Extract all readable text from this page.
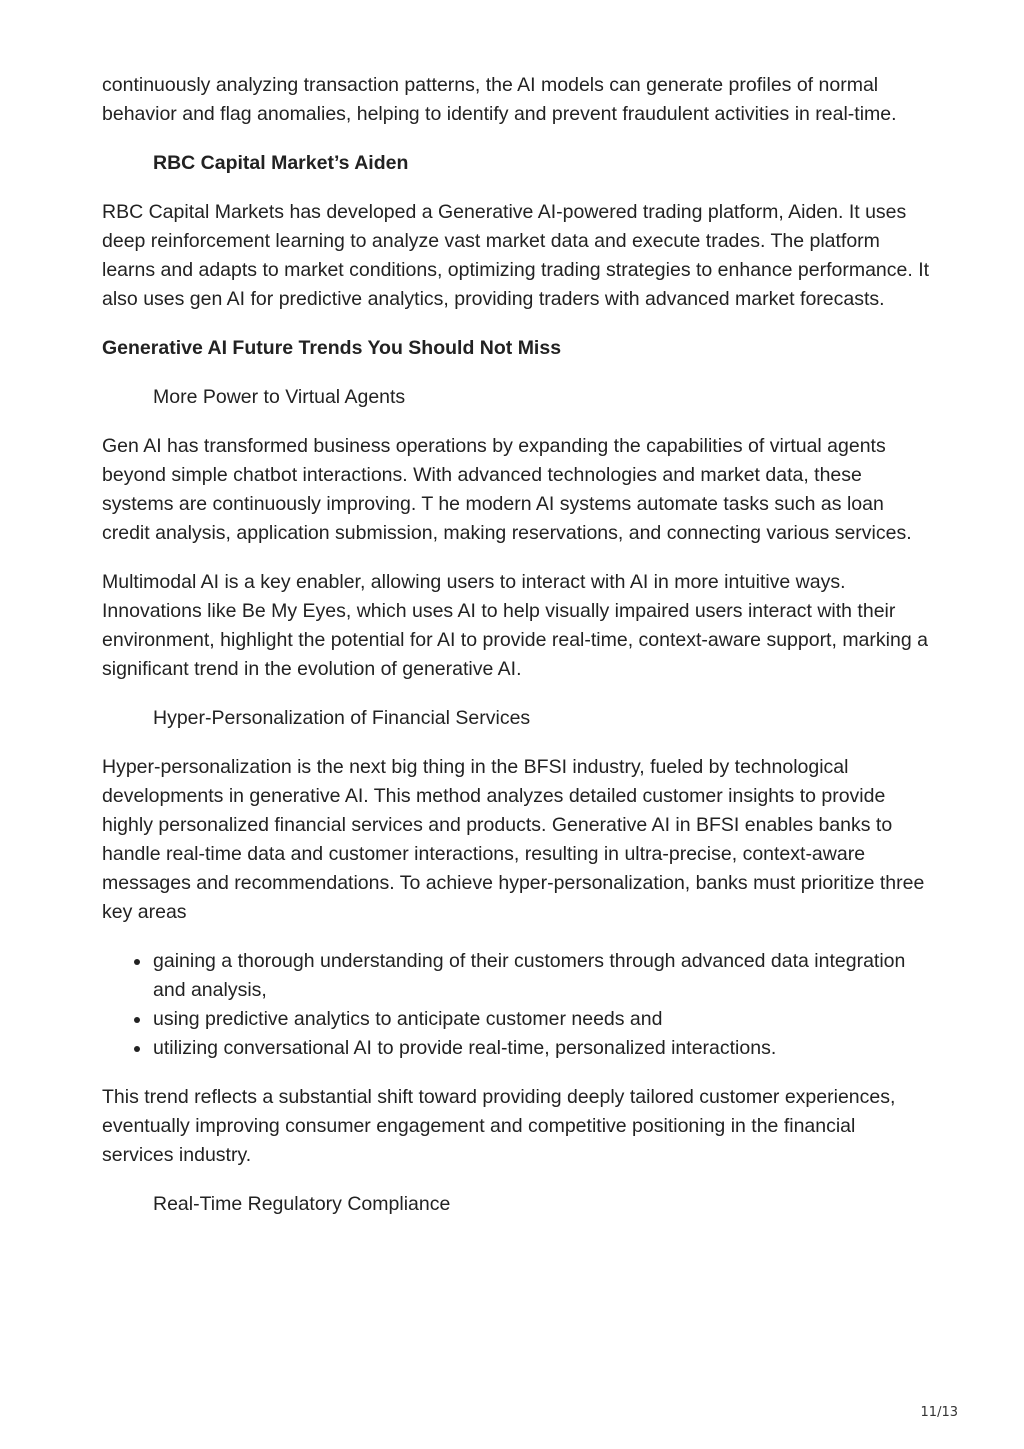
continuously analyzing transaction patterns, the AI models can generate profiles of normal behavior and flag anomalies, helping to identify and prevent fraudulent activities in real-time.

RBC Capital Market’s Aiden

RBC Capital Markets has developed a Generative AI-powered trading platform, Aiden. It uses deep reinforcement learning to analyze vast market data and execute trades. The platform learns and adapts to market conditions, optimizing trading strategies to enhance performance. It also uses gen AI for predictive analytics, providing traders with advanced market forecasts.

Generative AI Future Trends You Should Not Miss

More Power to Virtual Agents

Gen AI has transformed business operations by expanding the capabilities of virtual agents beyond simple chatbot interactions. With advanced technologies and market data, these systems are continuously improving. T he modern AI systems automate tasks such as loan credit analysis, application submission, making reservations, and connecting various services.

Multimodal AI is a key enabler, allowing users to interact with AI in more intuitive ways. Innovations like Be My Eyes, which uses AI to help visually impaired users interact with their environment, highlight the potential for AI to provide real-time, context-aware support, marking a significant trend in the evolution of generative AI.

Hyper-Personalization of Financial Services

Hyper-personalization is the next big thing in the BFSI industry, fueled by technological developments in generative AI. This method analyzes detailed customer insights to provide highly personalized financial services and products. Generative AI in BFSI enables banks to handle real-time data and customer interactions, resulting in ultra-precise, context-aware messages and recommendations. To achieve hyper-personalization, banks must prioritize three key areas

gaining a thorough understanding of their customers through advanced data integration and analysis,
using predictive analytics to anticipate customer needs and
utilizing conversational AI to provide real-time, personalized interactions.

This trend reflects a substantial shift toward providing deeply tailored customer experiences, eventually improving consumer engagement and competitive positioning in the financial services industry.

Real-Time Regulatory Compliance

11/13
